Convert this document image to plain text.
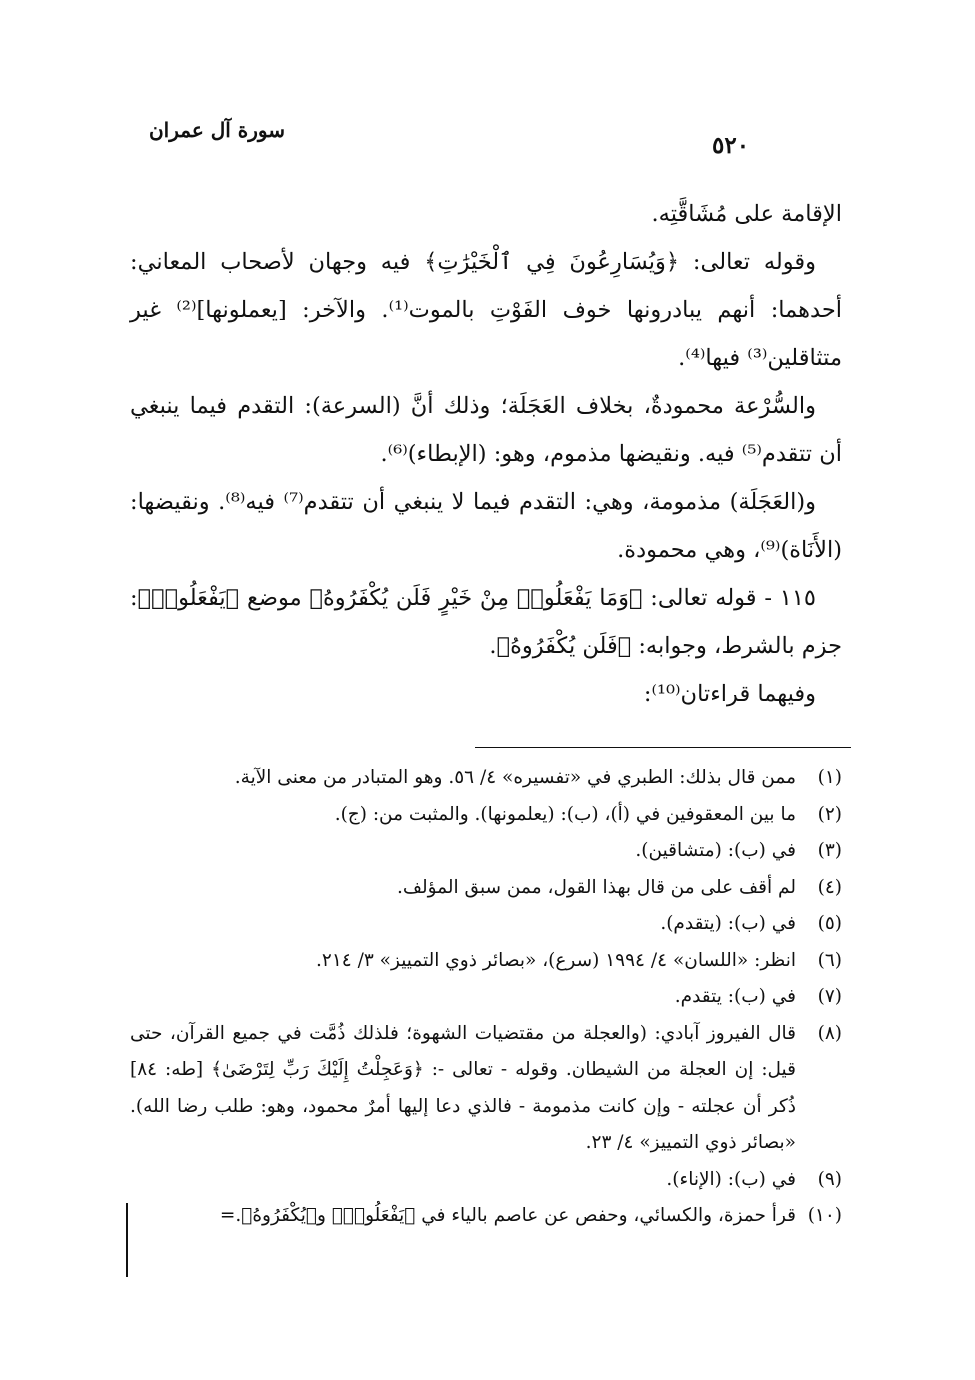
سورة آل عمران
٥٢٠

الإقامة على مُشَاقَّتِه.

وقوله تعالى: ﴿وَيُسَارِعُونَ فِي ٱلْخَيْرَٰتِ﴾ فيه وجهان لأصحاب المعاني: أحدهما: أنهم يبادرونها خوف الفَوْتِ بالموت⁽¹⁾. والآخر: [يعملونها]⁽²⁾ غير متثاقلين⁽³⁾ فيها⁽⁴⁾.

والسُّرْعة محمودةٌ، بخلاف العَجَلَة؛ وذلك أنَّ (السرعة): التقدم فيما ينبغي أن تتقدم⁽⁵⁾ فيه. ونقيضها مذموم، وهو: (الإبطاء)⁽⁶⁾.

و(العَجَلَة) مذمومة، وهي: التقدم فيما لا ينبغي أن تتقدم⁽⁷⁾ فيه⁽⁸⁾. ونقيضها: (الأَنَاة)⁽⁹⁾، وهي محمودة.

١١٥ - قوله تعالى: ﴿وَمَا يَفْعَلُوا۟ مِنْ خَيْرٍ فَلَن يُكْفَرُوهُ﴾ موضع ﴿يَفْعَلُوا۟﴾: جزم بالشرط، وجوابه: ﴿فَلَن يُكْفَرُوهُ﴾.

وفيهما قراءتان⁽¹⁰⁾:

(١)
ممن قال بذلك: الطبري في «تفسيره» ٤/ ٥٦. وهو المتبادر من معنى الآية.
(٢)
ما بين المعقوفين في (أ)، (ب): (يعلمونها). والمثبت من: (ج).
(٣)
في (ب): (متشاقين).
(٤)
لم أقف على من قال بهذا القول، ممن سبق المؤلف.
(٥)
في (ب): (يتقدم).
(٦)
انظر: «اللسان» ٤/ ١٩٩٤ (سرع)، «بصائر ذوي التمييز» ٣/ ٢١٤.
(٧)
في (ب): يتقدم.
(٨)
قال الفيروز آبادي: (والعجلة من مقتضيات الشهوة؛ فلذلك ذُمَّت في جميع القرآن، حتى قيل: إن العجلة من الشيطان. وقوله - تعالى -: ﴿وَعَجِلْتُ إِلَيْكَ رَبِّ لِتَرْضَىٰ﴾ [طه: ٨٤] ذُكر أن عجلته - وإن كانت مذمومة - فالذي دعا إليها أمرٌ محمود، وهو: طلب رضا الله). «بصائر ذوي التمييز» ٤/ ٢٣.
(٩)
في (ب): (الإناء).
(١٠)
قرأ حمزة، والكسائي، وحفص عن عاصم بالياء في ﴿يَفْعَلُوا۟﴾ و﴿يُكْفَرُوهُ﴾.=
